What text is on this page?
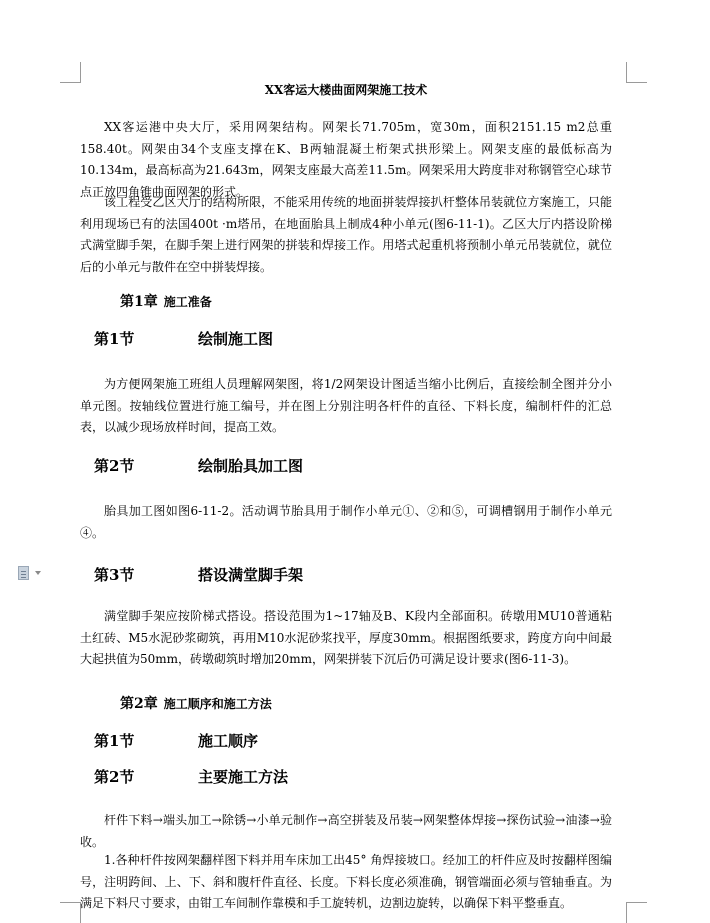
XX客运大楼曲面网架施工技术

XX客运港中央大厅，采用网架结构。网架长71.705m，宽30m，面积2151.15 m2总重158.40t。网架由34个支座支撑在K、B两轴混凝土桁架式拱形梁上。网架支座的最低标高为10.134m，最高标高为21.643m，网架支座最大高差11.5m。网架采用大跨度非对称钢管空心球节点正放四角锥曲面网架的形式。

该工程受乙区大厅的结构所限，不能采用传统的地面拼装焊接扒杆整体吊装就位方案施工，只能利用现场已有的法国400t ·m塔吊，在地面胎具上制成4种小单元(图6-11-1)。乙区大厅内搭设阶梯式满堂脚手架，在脚手架上进行网架的拼装和焊接工作。用塔式起重机将预制小单元吊装就位，就位后的小单元与散件在空中拼装焊接。

第1章 施工准备
第1节	绘制施工图

为方便网架施工班组人员理解网架图，将1/2网架设计图适当缩小比例后，直接绘制全图并分小单元图。按轴线位置进行施工编号，并在图上分别注明各杆件的直径、下料长度，编制杆件的汇总表，以减少现场放样时间，提高工效。

第2节	绘制胎具加工图

胎具加工图如图6-11-2。活动调节胎具用于制作小单元①、②和⑤，可调槽钢用于制作小单元④。

第3节	搭设满堂脚手架

满堂脚手架应按阶梯式搭设。搭设范围为1~17轴及B、K段内全部面积。砖墩用MU10普通粘土红砖、M5水泥砂浆砌筑，再用M10水泥砂浆找平，厚度30mm。根据图纸要求，跨度方向中间最大起拱值为50mm，砖墩砌筑时增加20mm，网架拼装下沉后仍可满足设计要求(图6-11-3)。

第2章 施工顺序和施工方法
第1节	施工顺序
第2节	主要施工方法

杆件下料→端头加工→除锈→小单元制作→高空拼装及吊装→网架整体焊接→探伤试验→油漆→验收。

1.各种杆件按网架翻样图下料并用车床加工出45° 角焊接坡口。经加工的杆件应及时按翻样图编号，注明跨间、上、下、斜和腹杆件直径、长度。下料长度必须准确，钢管端面必须与管轴垂直。为满足下料尺寸要求，由钳工车间制作靠模和手工旋转机，边割边旋转，以确保下料平整垂直。
